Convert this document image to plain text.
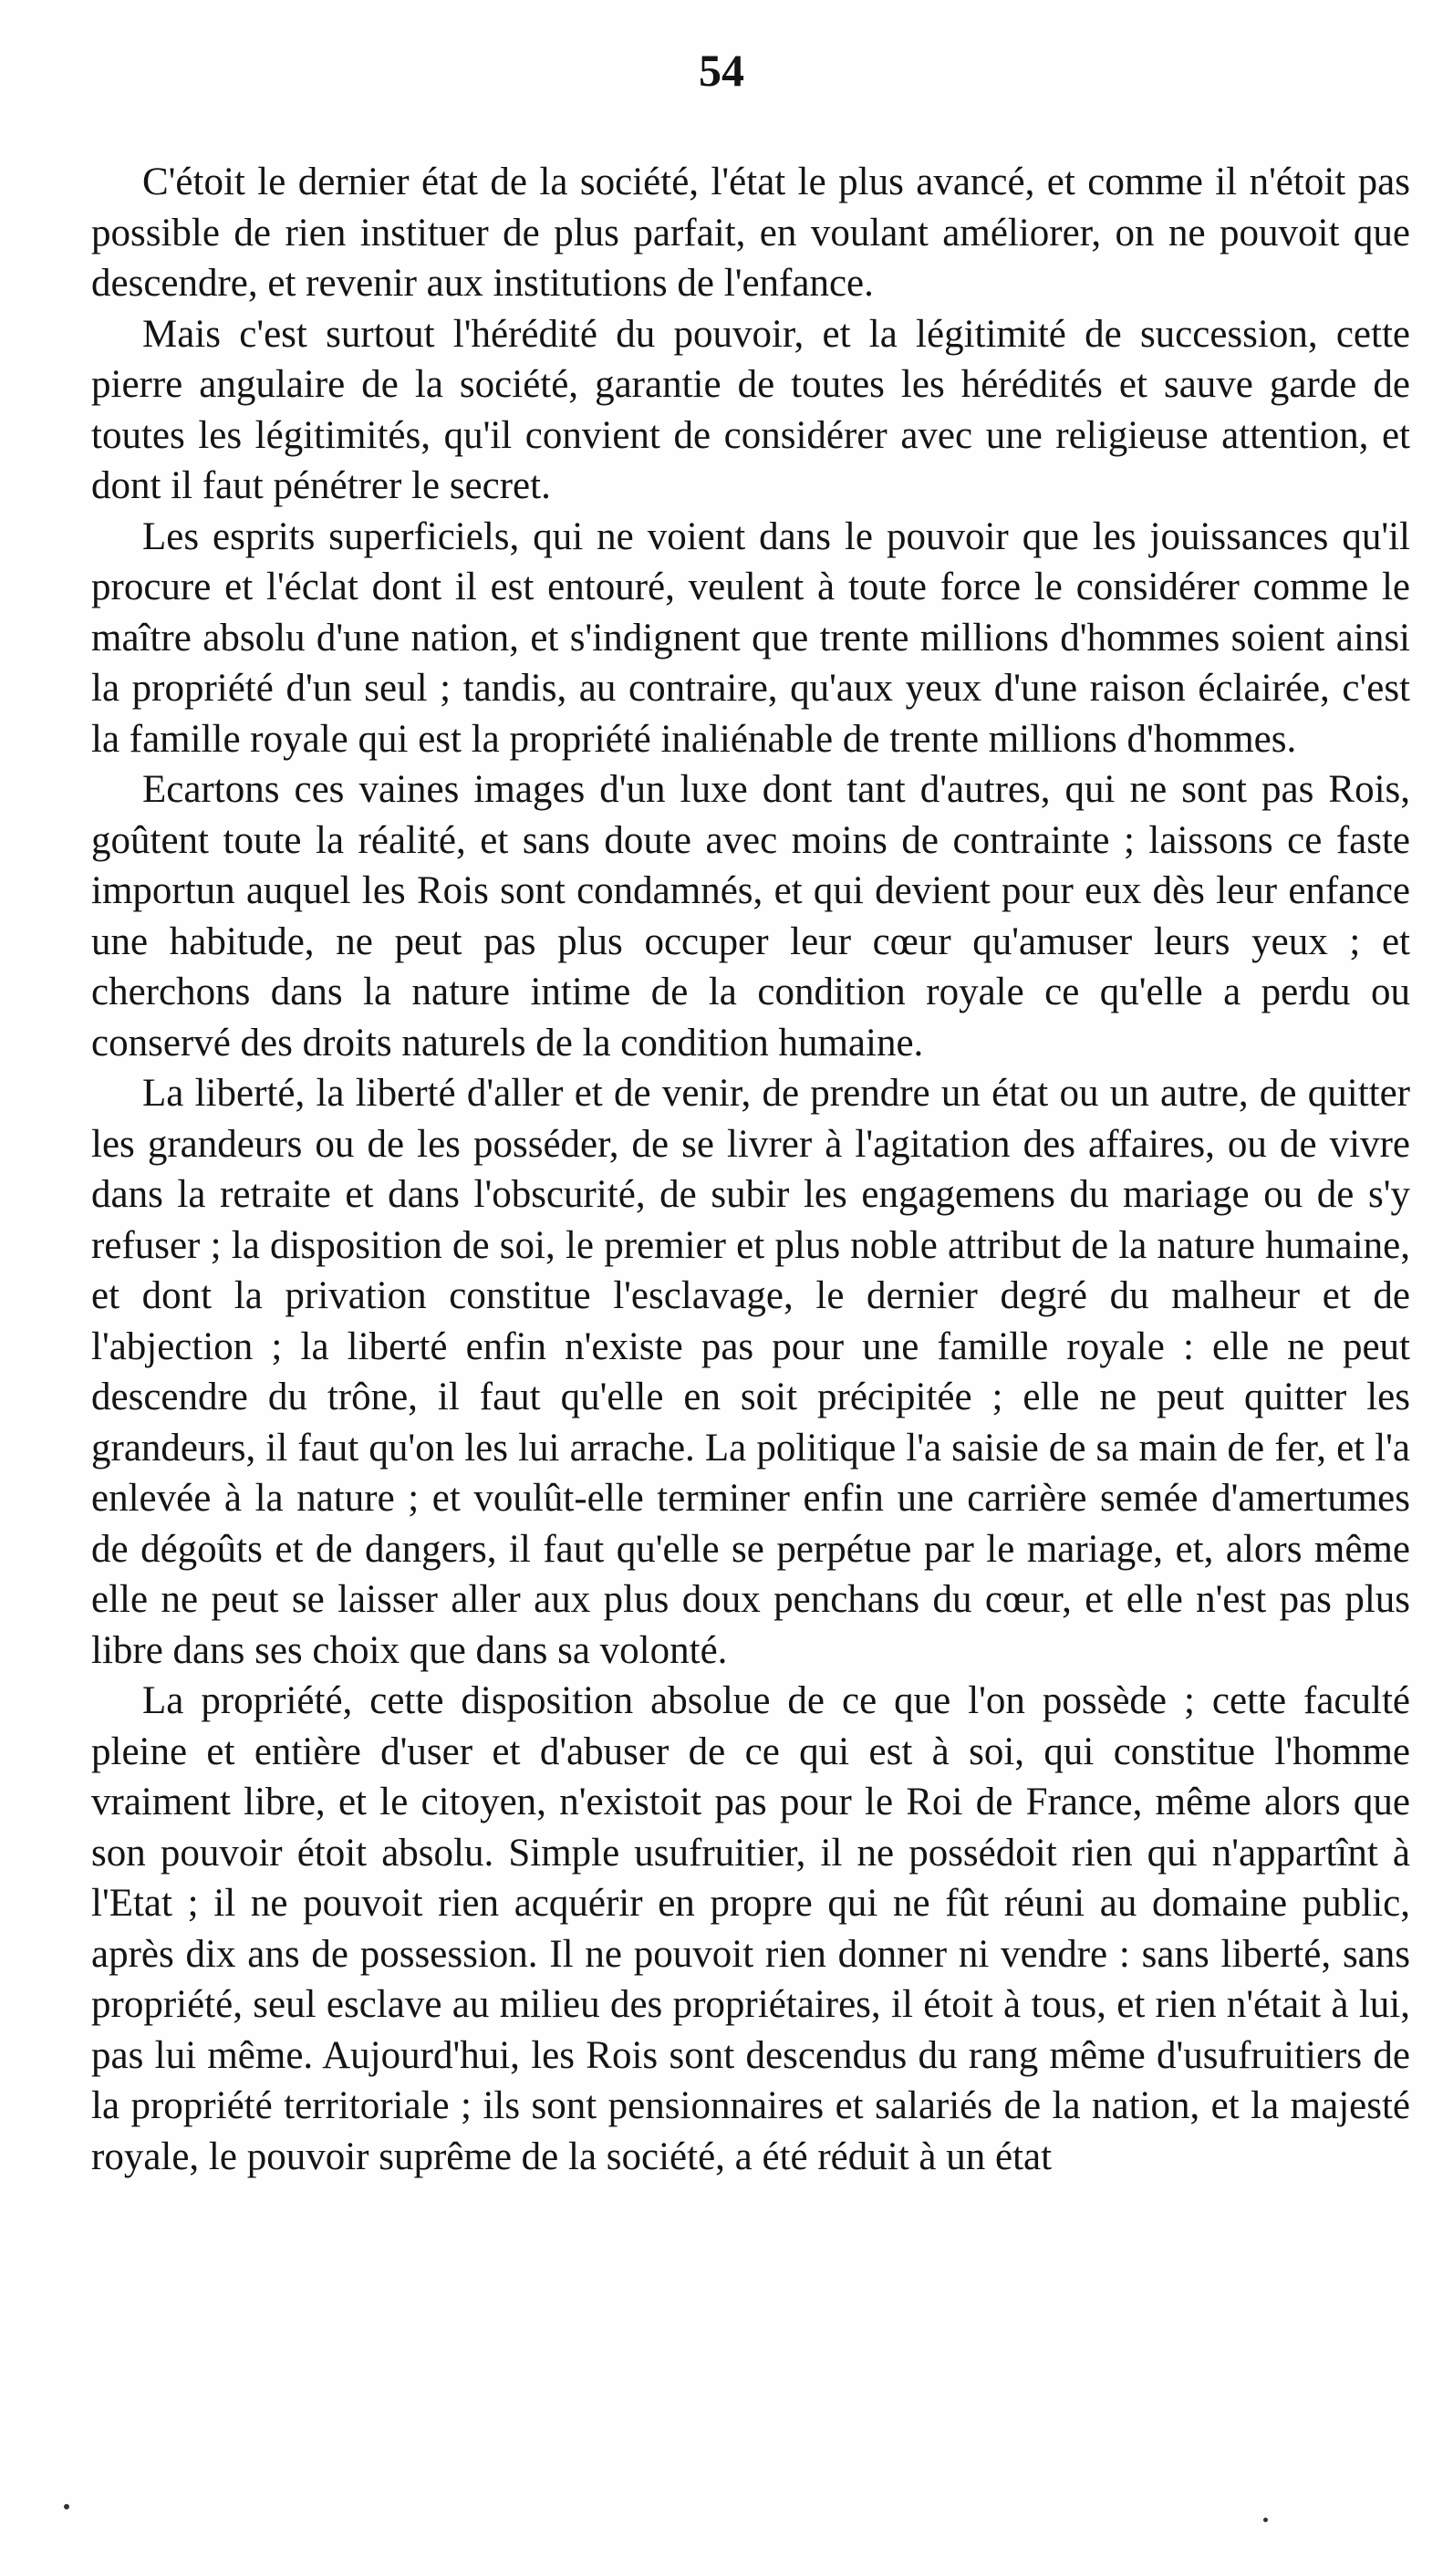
54

C'étoit le dernier état de la société, l'état le plus avancé, et comme il n'étoit pas possible de rien instituer de plus parfait, en voulant améliorer, on ne pouvoit que descendre, et revenir aux institutions de l'enfance.

Mais c'est surtout l'hérédité du pouvoir, et la légitimité de succession, cette pierre angulaire de la société, garantie de toutes les hérédités et sauve garde de toutes les légitimités, qu'il convient de considérer avec une religieuse attention, et dont il faut pénétrer le secret.

Les esprits superficiels, qui ne voient dans le pouvoir que les jouissances qu'il procure et l'éclat dont il est entouré, veulent à toute force le considérer comme le maître absolu d'une nation, et s'indignent que trente millions d'hommes soient ainsi la propriété d'un seul ; tandis, au contraire, qu'aux yeux d'une raison éclairée, c'est la famille royale qui est la propriété inaliénable de trente millions d'hommes.

Ecartons ces vaines images d'un luxe dont tant d'autres, qui ne sont pas Rois, goûtent toute la réalité, et sans doute avec moins de contrainte ; laissons ce faste importun auquel les Rois sont condamnés, et qui devient pour eux dès leur enfance une habitude, ne peut pas plus occuper leur cœur qu'amuser leurs yeux ; et cherchons dans la nature intime de la condition royale ce qu'elle a perdu ou conservé des droits naturels de la condition humaine.

La liberté, la liberté d'aller et de venir, de prendre un état ou un autre, de quitter les grandeurs ou de les posséder, de se livrer à l'agitation des affaires, ou de vivre dans la retraite et dans l'obscurité, de subir les engagemens du mariage ou de s'y refuser ; la disposition de soi, le premier et plus noble attribut de la nature humaine, et dont la privation constitue l'esclavage, le dernier degré du malheur et de l'abjection ; la liberté enfin n'existe pas pour une famille royale : elle ne peut descendre du trône, il faut qu'elle en soit précipitée ; elle ne peut quitter les grandeurs, il faut qu'on les lui arrache. La politique l'a saisie de sa main de fer, et l'a enlevée à la nature ; et voulût-elle terminer enfin une carrière semée d'amertumes de dégoûts et de dangers, il faut qu'elle se perpétue par le mariage, et, alors même elle ne peut se laisser aller aux plus doux penchans du cœur, et elle n'est pas plus libre dans ses choix que dans sa volonté.

La propriété, cette disposition absolue de ce que l'on possède ; cette faculté pleine et entière d'user et d'abuser de ce qui est à soi, qui constitue l'homme vraiment libre, et le citoyen, n'existoit pas pour le Roi de France, même alors que son pouvoir étoit absolu. Simple usufruitier, il ne possédoit rien qui n'appartînt à l'Etat ; il ne pouvoit rien acquérir en propre qui ne fût réuni au domaine public, après dix ans de possession. Il ne pouvoit rien donner ni vendre : sans liberté, sans propriété, seul esclave au milieu des propriétaires, il étoit à tous, et rien n'était à lui, pas lui même. Aujourd'hui, les Rois sont descendus du rang même d'usufruitiers de la propriété territoriale ; ils sont pensionnaires et salariés de la nation, et la majesté royale, le pouvoir suprême de la société, a été réduit à un état
